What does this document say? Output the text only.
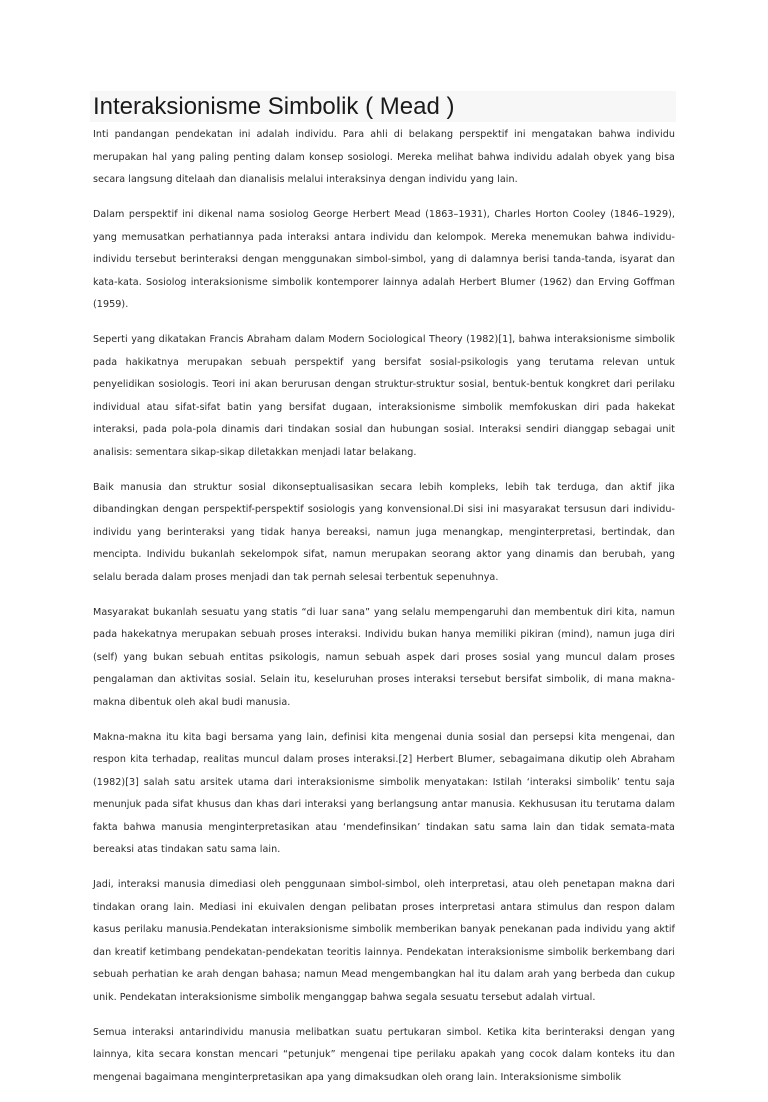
Interaksionisme Simbolik ( Mead )

Inti pandangan pendekatan ini adalah individu. Para ahli di belakang perspektif ini mengatakan bahwa individu merupakan hal yang paling penting dalam konsep sosiologi. Mereka melihat bahwa individu adalah obyek yang bisa secara langsung ditelaah dan dianalisis melalui interaksinya dengan individu yang lain.

Dalam perspektif ini dikenal nama sosiolog George Herbert Mead (1863–1931), Charles Horton Cooley (1846–1929), yang memusatkan perhatiannya pada interaksi antara individu dan kelompok. Mereka menemukan bahwa individu-individu tersebut berinteraksi dengan menggunakan simbol-simbol, yang di dalamnya berisi tanda-tanda, isyarat dan kata-kata. Sosiolog interaksionisme simbolik kontemporer lainnya adalah Herbert Blumer (1962) dan Erving Goffman (1959).

Seperti yang dikatakan Francis Abraham dalam Modern Sociological Theory (1982)[1], bahwa interaksionisme simbolik pada hakikatnya merupakan sebuah perspektif yang bersifat sosial-psikologis yang terutama relevan untuk penyelidikan sosiologis. Teori ini akan berurusan dengan struktur-struktur sosial, bentuk-bentuk kongkret dari perilaku individual atau sifat-sifat batin yang bersifat dugaan, interaksionisme simbolik memfokuskan diri pada hakekat interaksi, pada pola-pola dinamis dari tindakan sosial dan hubungan sosial. Interaksi sendiri dianggap sebagai unit analisis: sementara sikap-sikap diletakkan menjadi latar belakang.

Baik manusia dan struktur sosial dikonseptualisasikan secara lebih kompleks, lebih tak terduga, dan aktif jika dibandingkan dengan perspektif-perspektif sosiologis yang konvensional.Di sisi ini masyarakat tersusun dari individu-individu yang berinteraksi yang tidak hanya bereaksi, namun juga menangkap, menginterpretasi, bertindak, dan mencipta. Individu bukanlah sekelompok sifat, namun merupakan seorang aktor yang dinamis dan berubah, yang selalu berada dalam proses menjadi dan tak pernah selesai terbentuk sepenuhnya.

Masyarakat bukanlah sesuatu yang statis “di luar sana” yang selalu mempengaruhi dan membentuk diri kita, namun pada hakekatnya merupakan sebuah proses interaksi. Individu bukan hanya memiliki pikiran (mind), namun juga diri (self) yang bukan sebuah entitas psikologis, namun sebuah aspek dari proses sosial yang muncul dalam proses pengalaman dan aktivitas sosial. Selain itu, keseluruhan proses interaksi tersebut bersifat simbolik, di mana makna-makna dibentuk oleh akal budi manusia.

Makna-makna itu kita bagi bersama yang lain, definisi kita mengenai dunia sosial dan persepsi kita mengenai, dan respon kita terhadap, realitas muncul dalam proses interaksi.[2] Herbert Blumer, sebagaimana dikutip oleh Abraham (1982)[3] salah satu arsitek utama dari interaksionisme simbolik menyatakan: Istilah ‘interaksi simbolik’ tentu saja menunjuk pada sifat khusus dan khas dari interaksi yang berlangsung antar manusia. Kekhususan itu terutama dalam fakta bahwa manusia menginterpretasikan atau ‘mendefinsikan’ tindakan satu sama lain dan tidak semata-mata bereaksi atas tindakan satu sama lain.

Jadi, interaksi manusia dimediasi oleh penggunaan simbol-simbol, oleh interpretasi, atau oleh penetapan makna dari tindakan orang lain. Mediasi ini ekuivalen dengan pelibatan proses interpretasi antara stimulus dan respon dalam kasus perilaku manusia.Pendekatan interaksionisme simbolik memberikan banyak penekanan pada individu yang aktif dan kreatif ketimbang pendekatan-pendekatan teoritis lainnya. Pendekatan interaksionisme simbolik berkembang dari sebuah perhatian ke arah dengan bahasa; namun Mead mengembangkan hal itu dalam arah yang berbeda dan cukup unik. Pendekatan interaksionisme simbolik menganggap bahwa segala sesuatu tersebut adalah virtual.

Semua interaksi antarindividu manusia melibatkan suatu pertukaran simbol. Ketika kita berinteraksi dengan yang lainnya, kita secara konstan mencari “petunjuk” mengenai tipe perilaku apakah yang cocok dalam konteks itu dan mengenai bagaimana menginterpretasikan apa yang dimaksudkan oleh orang lain. Interaksionisme simbolik
